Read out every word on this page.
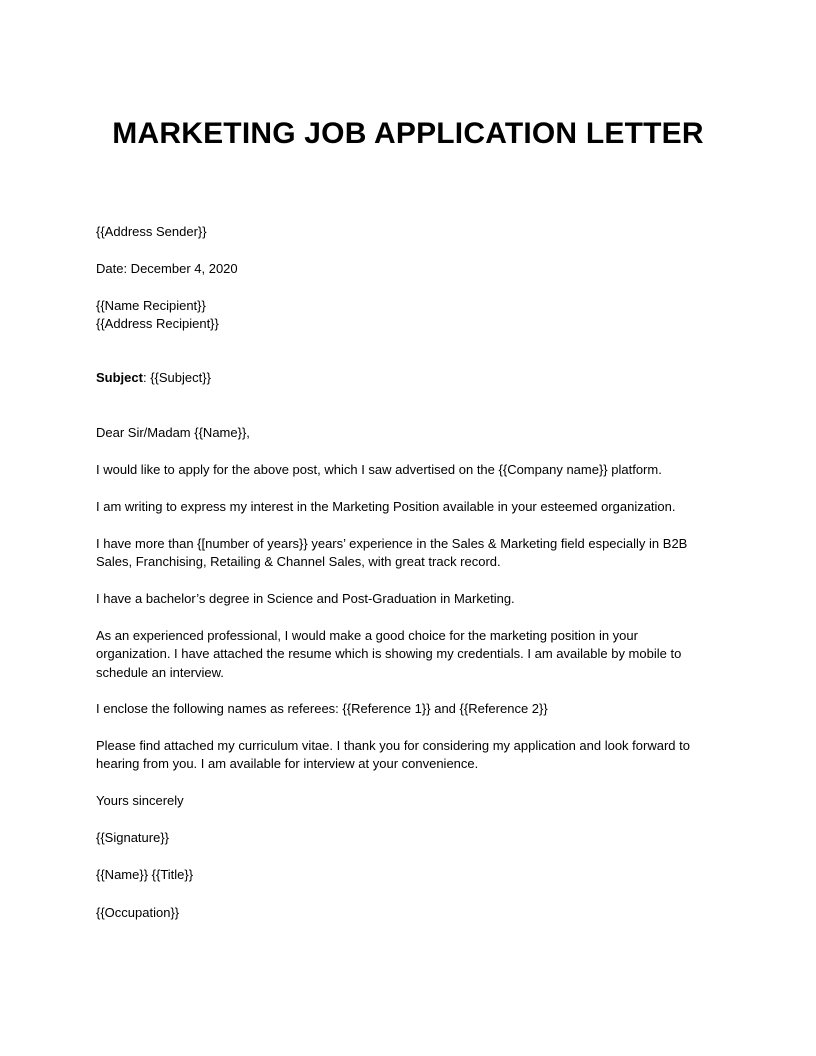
MARKETING JOB APPLICATION LETTER

{{Address Sender}}

Date: December 4, 2020

{{Name Recipient}}
{{Address Recipient}}

Subject: {{Subject}}

Dear Sir/Madam {{Name}},

I would like to apply for the above post, which I saw advertised on the {{Company name}} platform.
I am writing to express my interest in the Marketing Position available in your esteemed organization.
I have more than {[number of years}} years’ experience in the Sales & Marketing field especially in B2B
Sales, Franchising, Retailing & Channel Sales, with great track record.
I have a bachelor’s degree in Science and Post-Graduation in Marketing.
As an experienced professional, I would make a good choice for the marketing position in your
organization. I have attached the resume which is showing my credentials. I am available by mobile to
schedule an interview.
I enclose the following names as referees: {{Reference 1}} and {{Reference 2}}
Please find attached my curriculum vitae. I thank you for considering my application and look forward to
hearing from you. I am available for interview at your convenience.

Yours sincerely

{{Signature}}

{{Name}} {{Title}}

{{Occupation}}
